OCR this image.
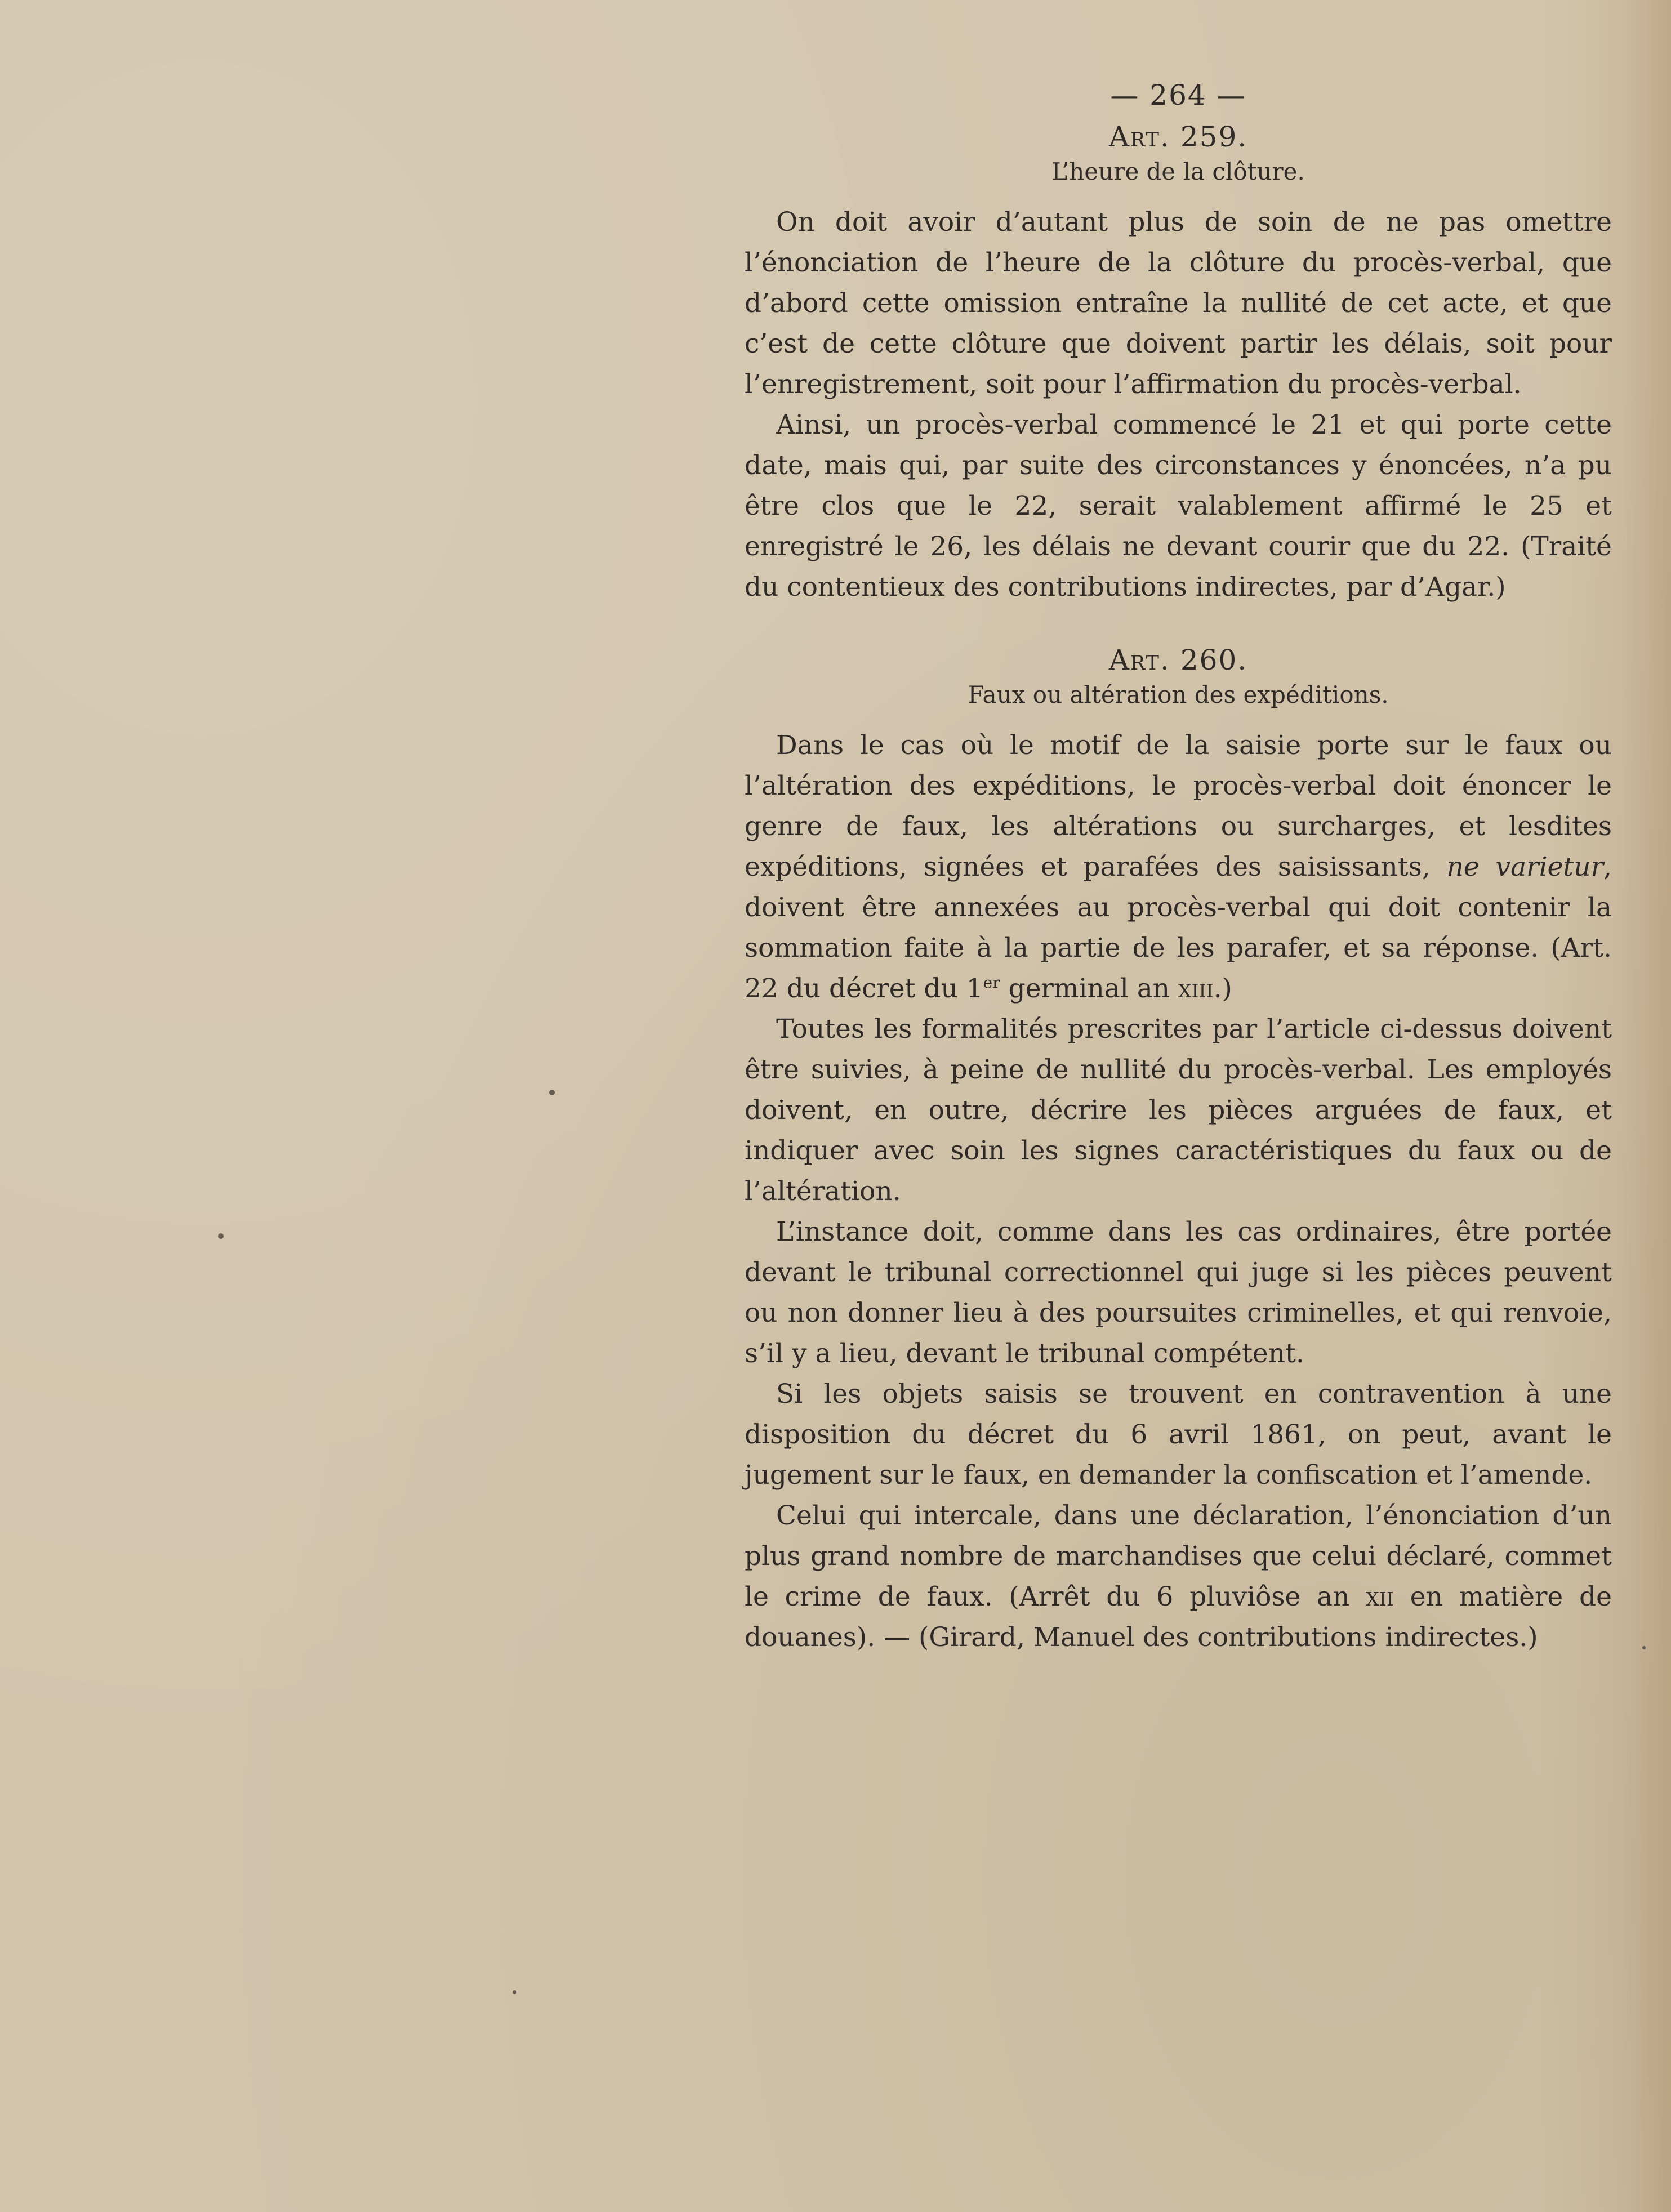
— 264 —
Art. 259.
L’heure de la clôture.

On doit avoir d’autant plus de soin de ne pas omettre l’énonciation de l’heure de la clôture du procès-verbal, que d’abord cette omission entraîne la nullité de cet acte, et que c’est de cette clôture que doivent partir les délais, soit pour l’enregistrement, soit pour l’affirmation du procès-verbal.

Ainsi, un procès-verbal commencé le 21 et qui porte cette date, mais qui, par suite des circonstances y énoncées, n’a pu être clos que le 22, serait valablement affirmé le 25 et enregistré le 26, les délais ne devant courir que du 22. (Traité du contentieux des contributions indirectes, par d’Agar.)

Art. 260.
Faux ou altération des expéditions.

Dans le cas où le motif de la saisie porte sur le faux ou l’altération des expéditions, le procès-verbal doit énoncer le genre de faux, les altérations ou surcharges, et lesdites expéditions, signées et parafées des saisissants, ne varietur, doivent être annexées au procès-verbal qui doit contenir la sommation faite à la partie de les parafer, et sa réponse. (Art. 22 du décret du 1er germinal an xiii.)

Toutes les formalités prescrites par l’article ci-dessus doivent être suivies, à peine de nullité du procès-verbal. Les employés doivent, en outre, décrire les pièces arguées de faux, et indiquer avec soin les signes caractéristiques du faux ou de l’altération.

L’instance doit, comme dans les cas ordinaires, être portée devant le tribunal correctionnel qui juge si les pièces peuvent ou non donner lieu à des poursuites criminelles, et qui renvoie, s’il y a lieu, devant le tribunal compétent.

Si les objets saisis se trouvent en contravention à une disposition du décret du 6 avril 1861, on peut, avant le jugement sur le faux, en demander la confiscation et l’amende.

Celui qui intercale, dans une déclaration, l’énonciation d’un plus grand nombre de marchandises que celui déclaré, commet le crime de faux. (Arrêt du 6 pluviôse an xii en matière de douanes). — (Girard, Manuel des contributions indirectes.)
